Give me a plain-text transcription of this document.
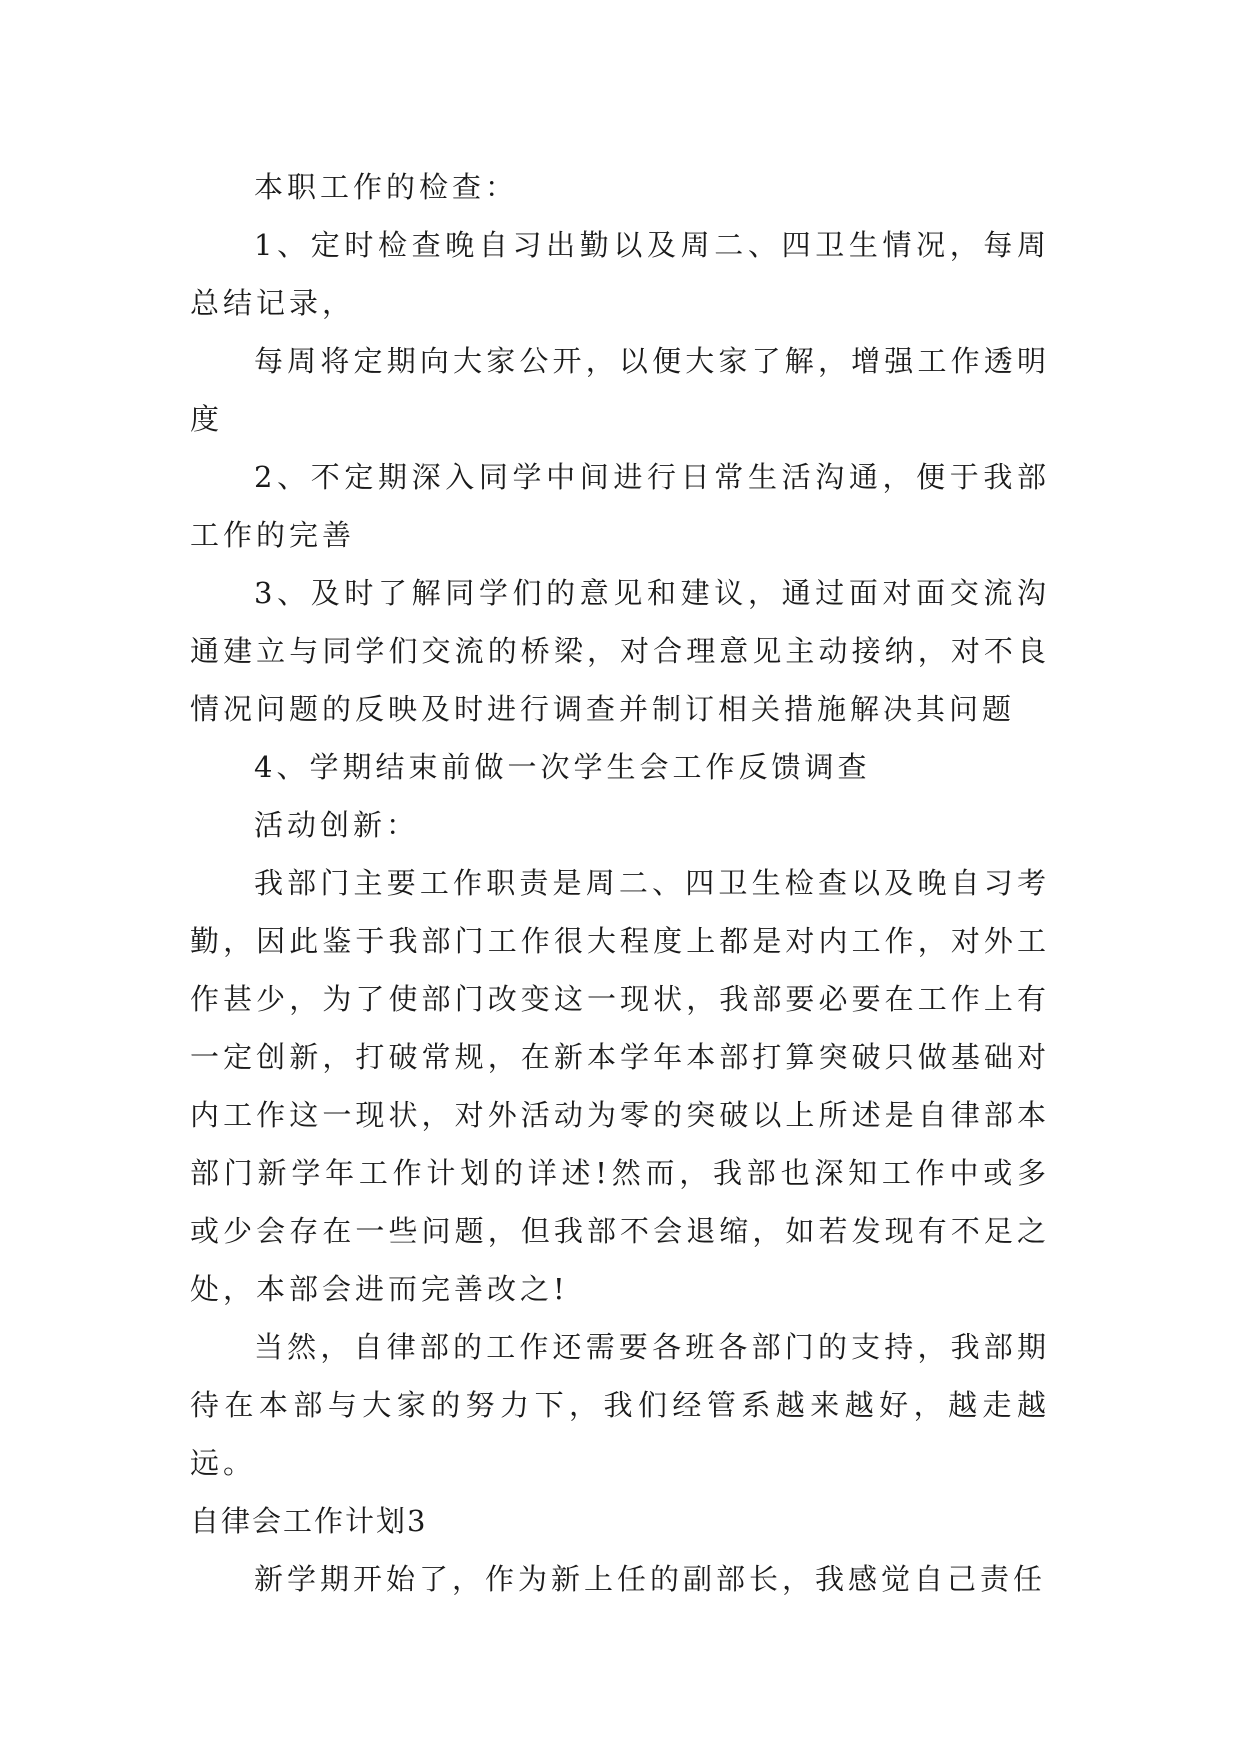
本职工作的检查：

1、定时检查晚自习出勤以及周二、四卫生情况，每周总结记录，

每周将定期向大家公开，以便大家了解，增强工作透明度

2、不定期深入同学中间进行日常生活沟通，便于我部工作的完善

3、及时了解同学们的意见和建议，通过面对面交流沟通建立与同学们交流的桥梁，对合理意见主动接纳，对不良情况问题的反映及时进行调查并制订相关措施解决其问题

4、学期结束前做一次学生会工作反馈调查

活动创新：

我部门主要工作职责是周二、四卫生检查以及晚自习考勤，因此鉴于我部门工作很大程度上都是对内工作，对外工作甚少，为了使部门改变这一现状，我部要必要在工作上有一定创新，打破常规，在新本学年本部打算突破只做基础对内工作这一现状，对外活动为零的突破以上所述是自律部本部门新学年工作计划的详述!然而，我部也深知工作中或多或少会存在一些问题，但我部不会退缩，如若发现有不足之处，本部会进而完善改之!

当然，自律部的工作还需要各班各部门的支持，我部期待在本部与大家的努力下，我们经管系越来越好，越走越远。

自律会工作计划3

新学期开始了，作为新上任的副部长，我感觉自己责任
